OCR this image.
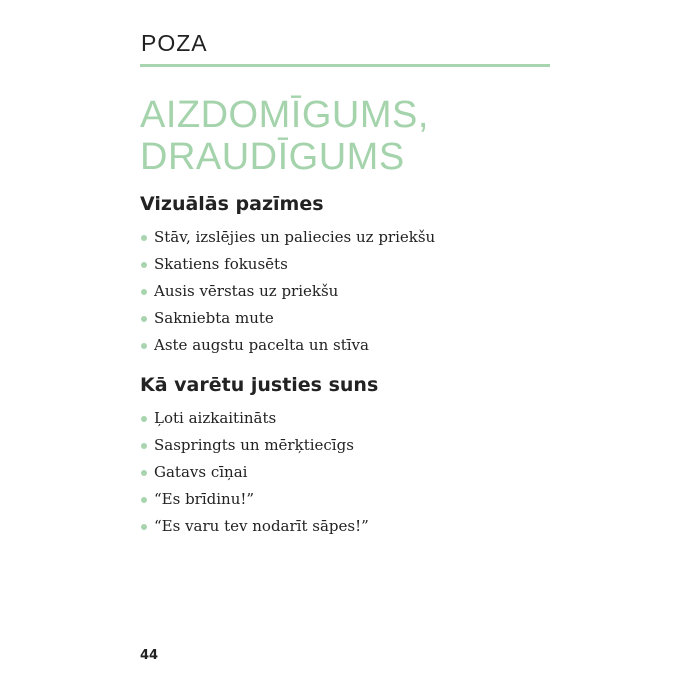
POZA
AIZDOMĪGUMS,
DRAUDĪGUMS
Vizuālās pazīmes
Stāv, izslējies un paliecies uz priekšu
Skatiens fokusēts
Ausis vērstas uz priekšu
Sakniebta mute
Aste augstu pacelta un stīva
Kā varētu justies suns
Ļoti aizkaitināts
Saspringts un mērķtiecīgs
Gatavs cīņai
“Es brīdinu!”
“Es varu tev nodarīt sāpes!”
44
